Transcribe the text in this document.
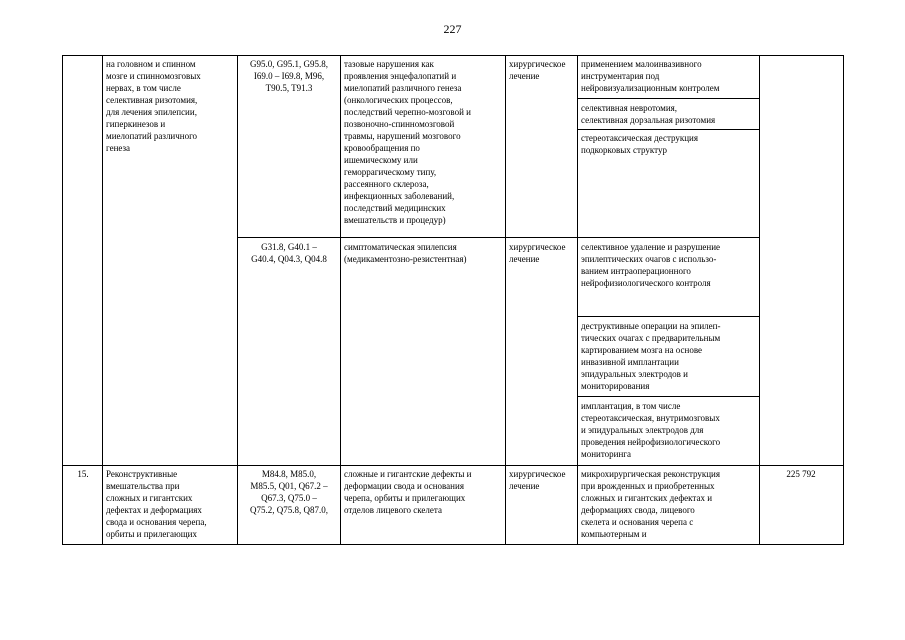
227
на головном и спинном
мозге и спинномозговых
нервах, в том числе
селективная ризотомия,
для лечения эпилепсии,
гиперкинезов и
миелопатий различного
генеза
G95.0, G95.1, G95.8,
I69.0 – I69.8, M96,
T90.5, T91.3
тазовые нарушения как
проявления энцефалопатий и
миелопатий различного генеза
(онкологических процессов,
последствий черепно-мозговой и
позвоночно-спинномозговой
травмы, нарушений мозгового
кровообращения по
ишемическому или
геморрагическому типу,
рассеянного склероза,
инфекционных заболеваний,
последствий медицинских
вмешательств и процедур)
хирургическое
лечение
применением малоинвазивного
инструментария под
нейровизуализационным контролем
селективная невротомия,
селективная дорзальная ризотомия
стереотаксическая деструкция
подкорковых структур
G31.8, G40.1 –
G40.4, Q04.3, Q04.8
симптоматическая эпилепсия
(медикаментозно-резистентная)
хирургическое
лечение
селективное удаление и разрушение
эпилептических очагов с использо-
ванием интраоперационного
нейрофизиологического контроля
деструктивные операции на эпилеп-
тических очагах с предварительным
картированием мозга на основе
инвазивной имплантации
эпидуральных электродов и
мониторирования
имплантация, в том числе
стереотаксическая, внутримозговых
и эпидуральных электродов для
проведения нейрофизиологического
мониторинга
15.	Реконструктивные
вмешательства при
сложных и гигантских
дефектах и деформациях
свода и основания черепа,
орбиты и прилегающих
M84.8, M85.0,
M85.5, Q01, Q67.2 –
Q67.3, Q75.0 –
Q75.2, Q75.8, Q87.0,
сложные и гигантские дефекты и
деформации свода и основания
черепа, орбиты и прилегающих
отделов лицевого скелета
хирургическое
лечение
микрохирургическая реконструкция
при врожденных и приобретенных
сложных и гигантских дефектах и
деформациях свода, лицевого
скелета и основания черепа с
компьютерным и
225 792
